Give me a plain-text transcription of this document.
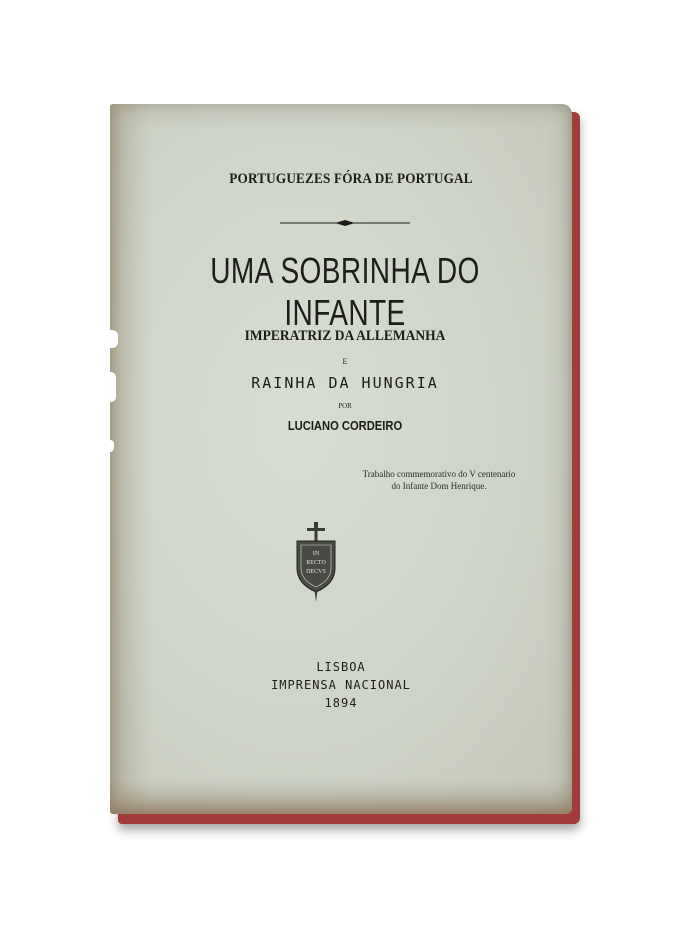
PORTUGUEZES FÓRA DE PORTUGAL

UMA SOBRINHA DO INFANTE

IMPERATRIZ DA ALLEMANHA

E

RAINHA DA HUNGRIA

POR

LUCIANO CORDEIRO

Trabalho commemorativo do V centenario
do Infante Dom Henrique.
IN
RECTO
DECVS

LISBOA

IMPRENSA NACIONAL

1894
